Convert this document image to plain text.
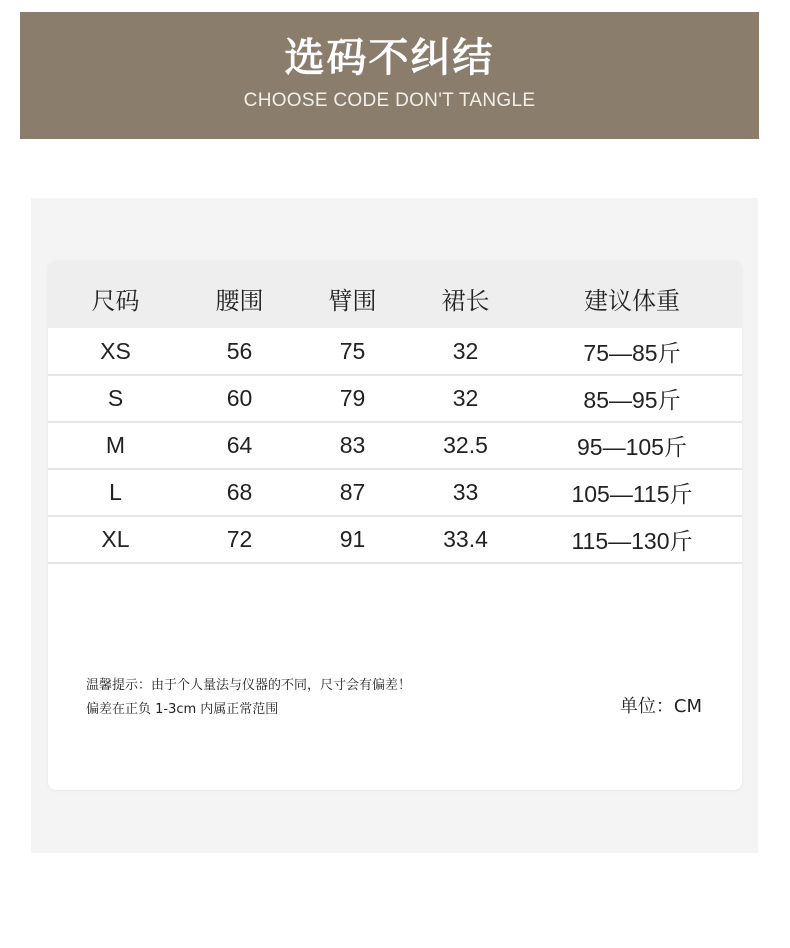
选码不纠结
CHOOSE CODE DON'T TANGLE
尺码	腰围	臂围	裙长	建议体重
XS	56	75	32	75—85斤
S	60	79	32	85—95斤
M	64	83	32.5	95—105斤
L	68	87	33	105—115斤
XL	72	91	33.4	115—130斤
温馨提示：由于个人量法与仪器的不同，尺寸会有偏差！
偏差在正负 1-3cm 内属正常范围	单位：CM
